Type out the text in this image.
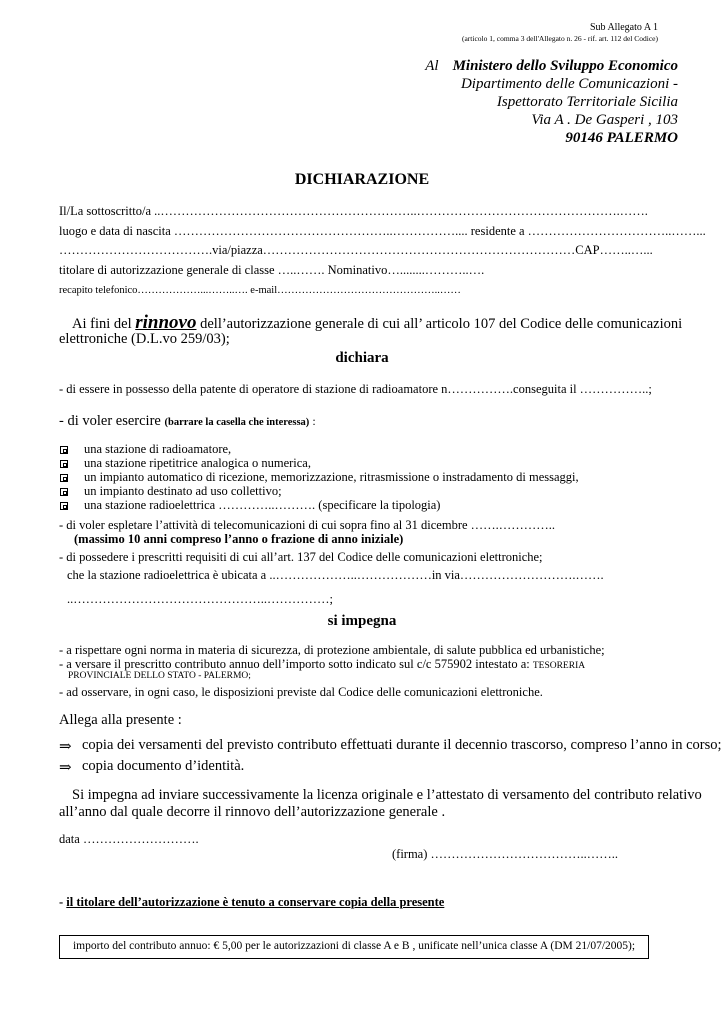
Sub Allegato A 1
(articolo 1, comma 3 dell'Allegato n. 26 - rif. art. 112 del Codice)
Al Ministero dello Sviluppo Economico
Dipartimento delle Comunicazioni -
Ispettorato Territoriale Sicilia
Via A . De Gasperi , 103
90146 PALERMO
DICHIARAZIONE
Il/La sottoscritto/a ..……………………………………………………..………………………………………….…….
luogo e data di nascita ……………………………………………..…………….... residente a ……………………………..……...
……………………………….via/piazza…………………………………………………………………CAP……..…...
titolare di autorizzazione generale di classe …..……. Nominativo…........………..….
recapito telefonico………………...……..…. e-mail………………………………………..……
Ai fini del rinnovo dell’autorizzazione generale di cui all’ articolo 107 del Codice delle comunicazioni
elettroniche (D.L.vo 259/03);
dichiara
- di essere in possesso della patente di operatore di stazione di radioamatore n…………….conseguita il ……………..;
- di voler esercire (barrare la casella che interessa) :
una stazione di radioamatore,
una stazione ripetitrice analogica o numerica,
un impianto automatico di ricezione, memorizzazione, ritrasmissione o instradamento di messaggi,
un impianto destinato ad uso collettivo;
una stazione radioelettrica …………..………. (specificare la tipologia)
- di voler espletare l’attività di telecomunicazioni di cui sopra fino al 31 dicembre …….…………..
(massimo 10 anni compreso l’anno o frazione di anno iniziale)
- di possedere i prescritti requisiti di cui all’art. 137 del Codice delle comunicazioni elettroniche;
che la stazione radioelettrica è ubicata a ..………………..………………in via……………………….…….
..………………………………………..……………;
si impegna
- a rispettare ogni norma in materia di sicurezza, di protezione ambientale, di salute pubblica ed urbanistiche;
- a versare il prescritto contributo annuo dell’importo sotto indicato sul c/c 575902 intestato a: TESORERIA
PROVINCIALE DELLO STATO - PALERMO;
- ad osservare, in ogni caso, le disposizioni previste dal Codice delle comunicazioni elettroniche.
Allega alla presente :
⇒ copia dei versamenti del previsto contributo effettuati durante il decennio trascorso, compreso l’anno in corso;
⇒ copia documento d’identità.
Si impegna ad inviare successivamente la licenza originale e l’attestato di versamento del contributo relativo
all’anno dal quale decorre il rinnovo dell’autorizzazione generale .
data ……………………….
(firma) ………………………………..……..
- il titolare dell’autorizzazione è tenuto a conservare copia della presente
importo del contributo annuo: € 5,00 per le autorizzazioni di classe A e B , unificate nell’unica classe A (DM 21/07/2005);
